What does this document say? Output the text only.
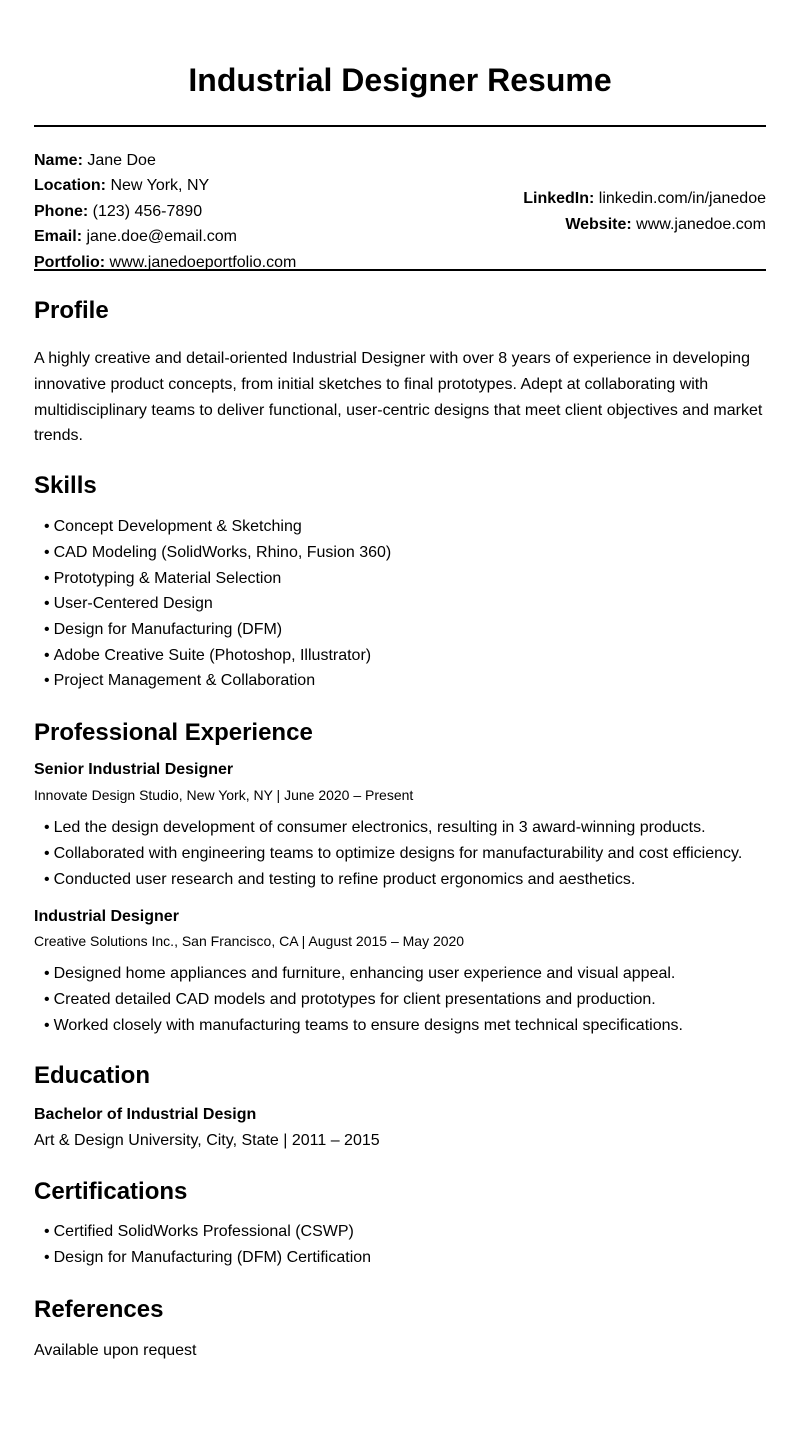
Industrial Designer Resume
Name: Jane Doe
Location: New York, NY
Phone: (123) 456-7890
Email: jane.doe@email.com
Portfolio: www.janedoeportfolio.com
LinkedIn: linkedin.com/in/janedoe
Website: www.janedoe.com
Profile

A highly creative and detail-oriented Industrial Designer with over 8 years of experience in developing innovative product concepts, from initial sketches to final prototypes. Adept at collaborating with multidisciplinary teams to deliver functional, user-centric designs that meet client objectives and market trends.

Skills
• Concept Development & Sketching
• CAD Modeling (SolidWorks, Rhino, Fusion 360)
• Prototyping & Material Selection
• User-Centered Design
• Design for Manufacturing (DFM)
• Adobe Creative Suite (Photoshop, Illustrator)
• Project Management & Collaboration
Professional Experience

Senior Industrial Designer

Innovate Design Studio, New York, NY | June 2020 – Present

• Led the design development of consumer electronics, resulting in 3 award-winning products.
• Collaborated with engineering teams to optimize designs for manufacturability and cost efficiency.
• Conducted user research and testing to refine product ergonomics and aesthetics.

Industrial Designer

Creative Solutions Inc., San Francisco, CA | August 2015 – May 2020

• Designed home appliances and furniture, enhancing user experience and visual appeal.
• Created detailed CAD models and prototypes for client presentations and production.
• Worked closely with manufacturing teams to ensure designs met technical specifications.
Education

Bachelor of Industrial Design

Art & Design University, City, State | 2011 – 2015

Certifications
• Certified SolidWorks Professional (CSWP)
• Design for Manufacturing (DFM) Certification
References

Available upon request
